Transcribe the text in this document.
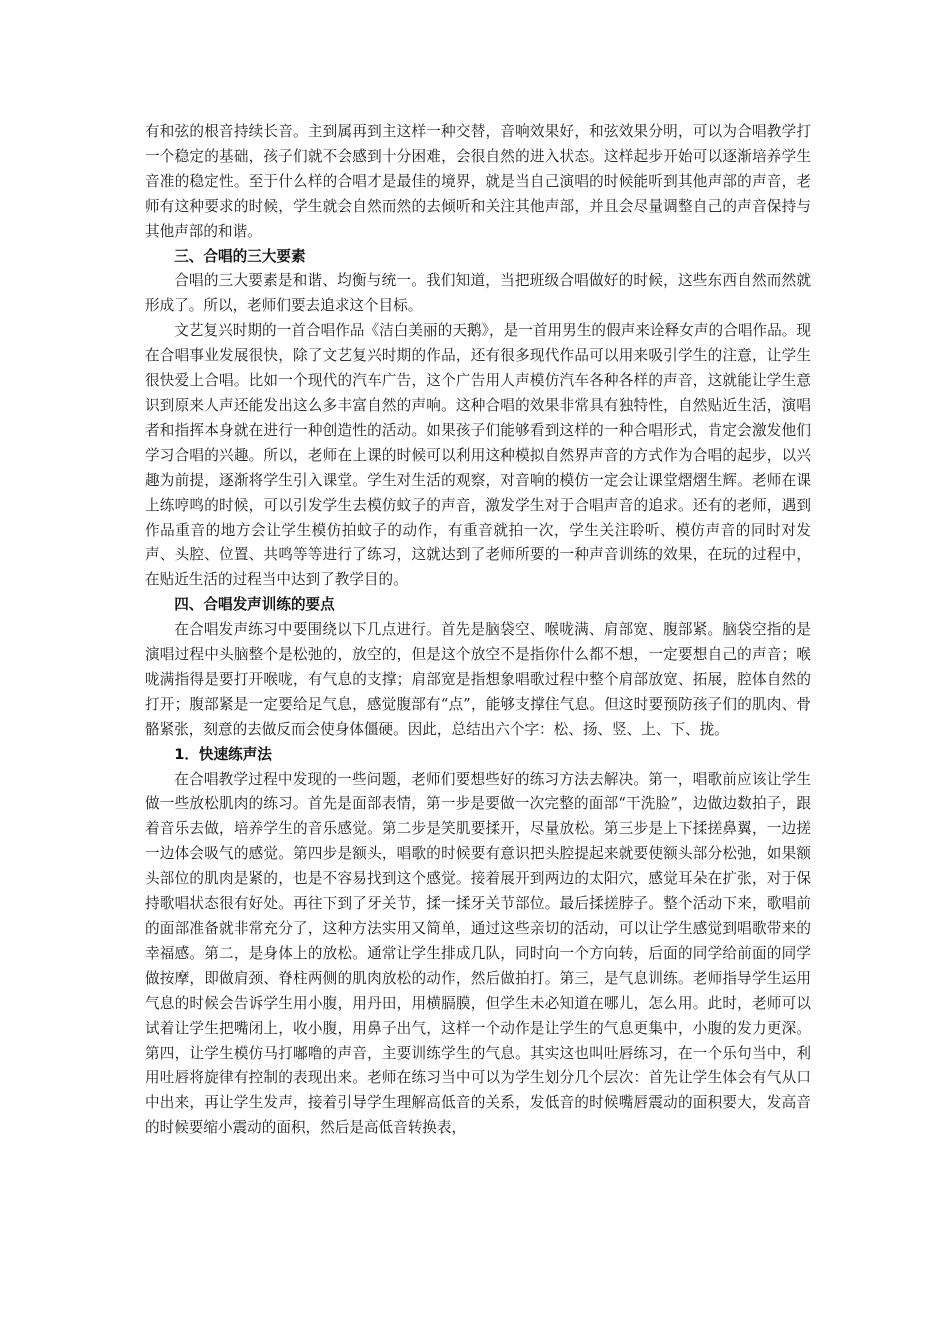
有和弦的根音持续长音。主到属再到主这样一种交替，音响效果好，和弦效果分明，可以为合唱教学打一个稳定的基础，孩子们就不会感到十分困难，会很自然的进入状态。这样起步开始可以逐渐培养学生音准的稳定性。至于什么样的合唱才是最佳的境界，就是当自己演唱的时候能听到其他声部的声音，老师有这种要求的时候，学生就会自然而然的去倾听和关注其他声部，并且会尽量调整自己的声音保持与其他声部的和谐。

三、合唱的三大要素

合唱的三大要素是和谐、均衡与统一。我们知道，当把班级合唱做好的时候，这些东西自然而然就形成了。所以，老师们要去追求这个目标。

文艺复兴时期的一首合唱作品《洁白美丽的天鹅》，是一首用男生的假声来诠释女声的合唱作品。现在合唱事业发展很快，除了文艺复兴时期的作品，还有很多现代作品可以用来吸引学生的注意，让学生很快爱上合唱。比如一个现代的汽车广告，这个广告用人声模仿汽车各种各样的声音，这就能让学生意识到原来人声还能发出这么多丰富自然的声响。这种合唱的效果非常具有独特性，自然贴近生活，演唱者和指挥本身就在进行一种创造性的活动。如果孩子们能够看到这样的一种合唱形式，肯定会激发他们学习合唱的兴趣。所以，老师在上课的时候可以利用这种模拟自然界声音的方式作为合唱的起步，以兴趣为前提，逐渐将学生引入课堂。学生对生活的观察，对音响的模仿一定会让课堂熠熠生辉。老师在课上练哼鸣的时候，可以引发学生去模仿蚊子的声音，激发学生对于合唱声音的追求。还有的老师，遇到作品重音的地方会让学生模仿拍蚊子的动作，有重音就拍一次，学生关注聆听、模仿声音的同时对发声、头腔、位置、共鸣等等进行了练习，这就达到了老师所要的一种声音训练的效果，在玩的过程中，在贴近生活的过程当中达到了教学目的。

四、合唱发声训练的要点

在合唱发声练习中要围绕以下几点进行。首先是脑袋空、喉咙满、肩部宽、腹部紧。脑袋空指的是演唱过程中头脑整个是松弛的，放空的，但是这个放空不是指你什么都不想，一定要想自己的声音；喉咙满指得是要打开喉咙，有气息的支撑；肩部宽是指想象唱歌过程中整个肩部放宽、拓展，腔体自然的打开；腹部紧是一定要给足气息，感觉腹部有“点”，能够支撑住气息。但这时要预防孩子们的肌肉、骨骼紧张，刻意的去做反而会使身体僵硬。因此，总结出六个字：松、扬、竖、上、下、拢。

1．快速练声法

在合唱教学过程中发现的一些问题，老师们要想些好的练习方法去解决。第一，唱歌前应该让学生做一些放松肌肉的练习。首先是面部表情，第一步是要做一次完整的面部“干洗脸”，边做边数拍子，跟着音乐去做，培养学生的音乐感觉。第二步是笑肌要揉开，尽量放松。第三步是上下揉搓鼻翼，一边搓一边体会吸气的感觉。第四步是额头，唱歌的时候要有意识把头腔提起来就要使额头部分松弛，如果额头部位的肌肉是紧的，也是不容易找到这个感觉。接着展开到两边的太阳穴，感觉耳朵在扩张，对于保持歌唱状态很有好处。再往下到了牙关节，揉一揉牙关节部位。最后揉搓脖子。整个活动下来，歌唱前的面部准备就非常充分了，这种方法实用又简单，通过这些亲切的活动，可以让学生感觉到唱歌带来的幸福感。第二，是身体上的放松。通常让学生排成几队，同时向一个方向转，后面的同学给前面的同学做按摩，即做肩颈、脊柱两侧的肌肉放松的动作，然后做拍打。第三，是气息训练。老师指导学生运用气息的时候会告诉学生用小腹，用丹田，用横膈膜，但学生未必知道在哪儿，怎么用。此时，老师可以试着让学生把嘴闭上，收小腹，用鼻子出气，这样一个动作是让学生的气息更集中，小腹的发力更深。第四，让学生模仿马打嘟噜的声音，主要训练学生的气息。其实这也叫吐唇练习，在一个乐句当中，利用吐唇将旋律有控制的表现出来。老师在练习当中可以为学生划分几个层次：首先让学生体会有气从口中出来，再让学生发声，接着引导学生理解高低音的关系，发低音的时候嘴唇震动的面积要大，发高音的时候要缩小震动的面积，然后是高低音转换表，
